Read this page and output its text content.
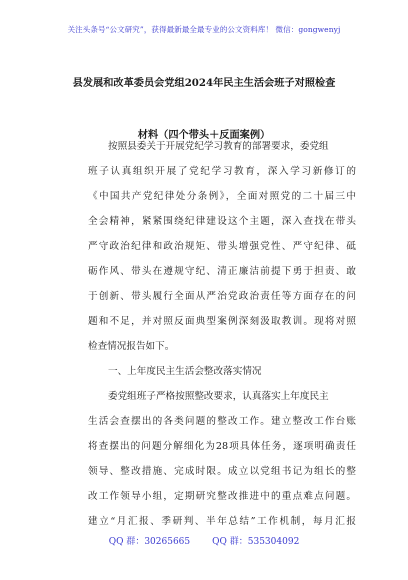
关注头条号“公文研究”，获得最新最全最专业的公文资料库！ 微信：gongwenyj
县发展和改革委员会党组2024年民主生活会班子对照检查
材料（四个带头＋反面案例）
按照县委关于开展党纪学习教育的部署要求，委党组
班子认真组织开展了党纪学习教育，深入学习新修订的
《中国共产党纪律处分条例》，全面对照党的二十届三中
全会精神，紧紧围绕纪律建设这个主题，深入查找在带头
严守政治纪律和政治规矩、带头增强党性、严守纪律、砥
砺作风、带头在遵规守纪、清正廉洁前提下勇于担责、敢
于创新、带头履行全面从严治党政治责任等方面存在的问
题和不足，并对照反面典型案例深刻汲取教训。现将对照
检查情况报告如下。
一、上年度民主生活会整改落实情况
委党组班子严格按照整改要求，认真落实上年度民主
生活会查摆出的各类问题的整改工作。建立整改工作台账
将查摆出的问题分解细化为28项具体任务，逐项明确责任
领导、整改措施、完成时限。成立以党组书记为组长的整
改工作领导小组，定期研究整改推进中的重点难点问题。
建立“月汇报、季研判、半年总结”工作机制，每月汇报
QQ 群：30265665 QQ 群：535304092
